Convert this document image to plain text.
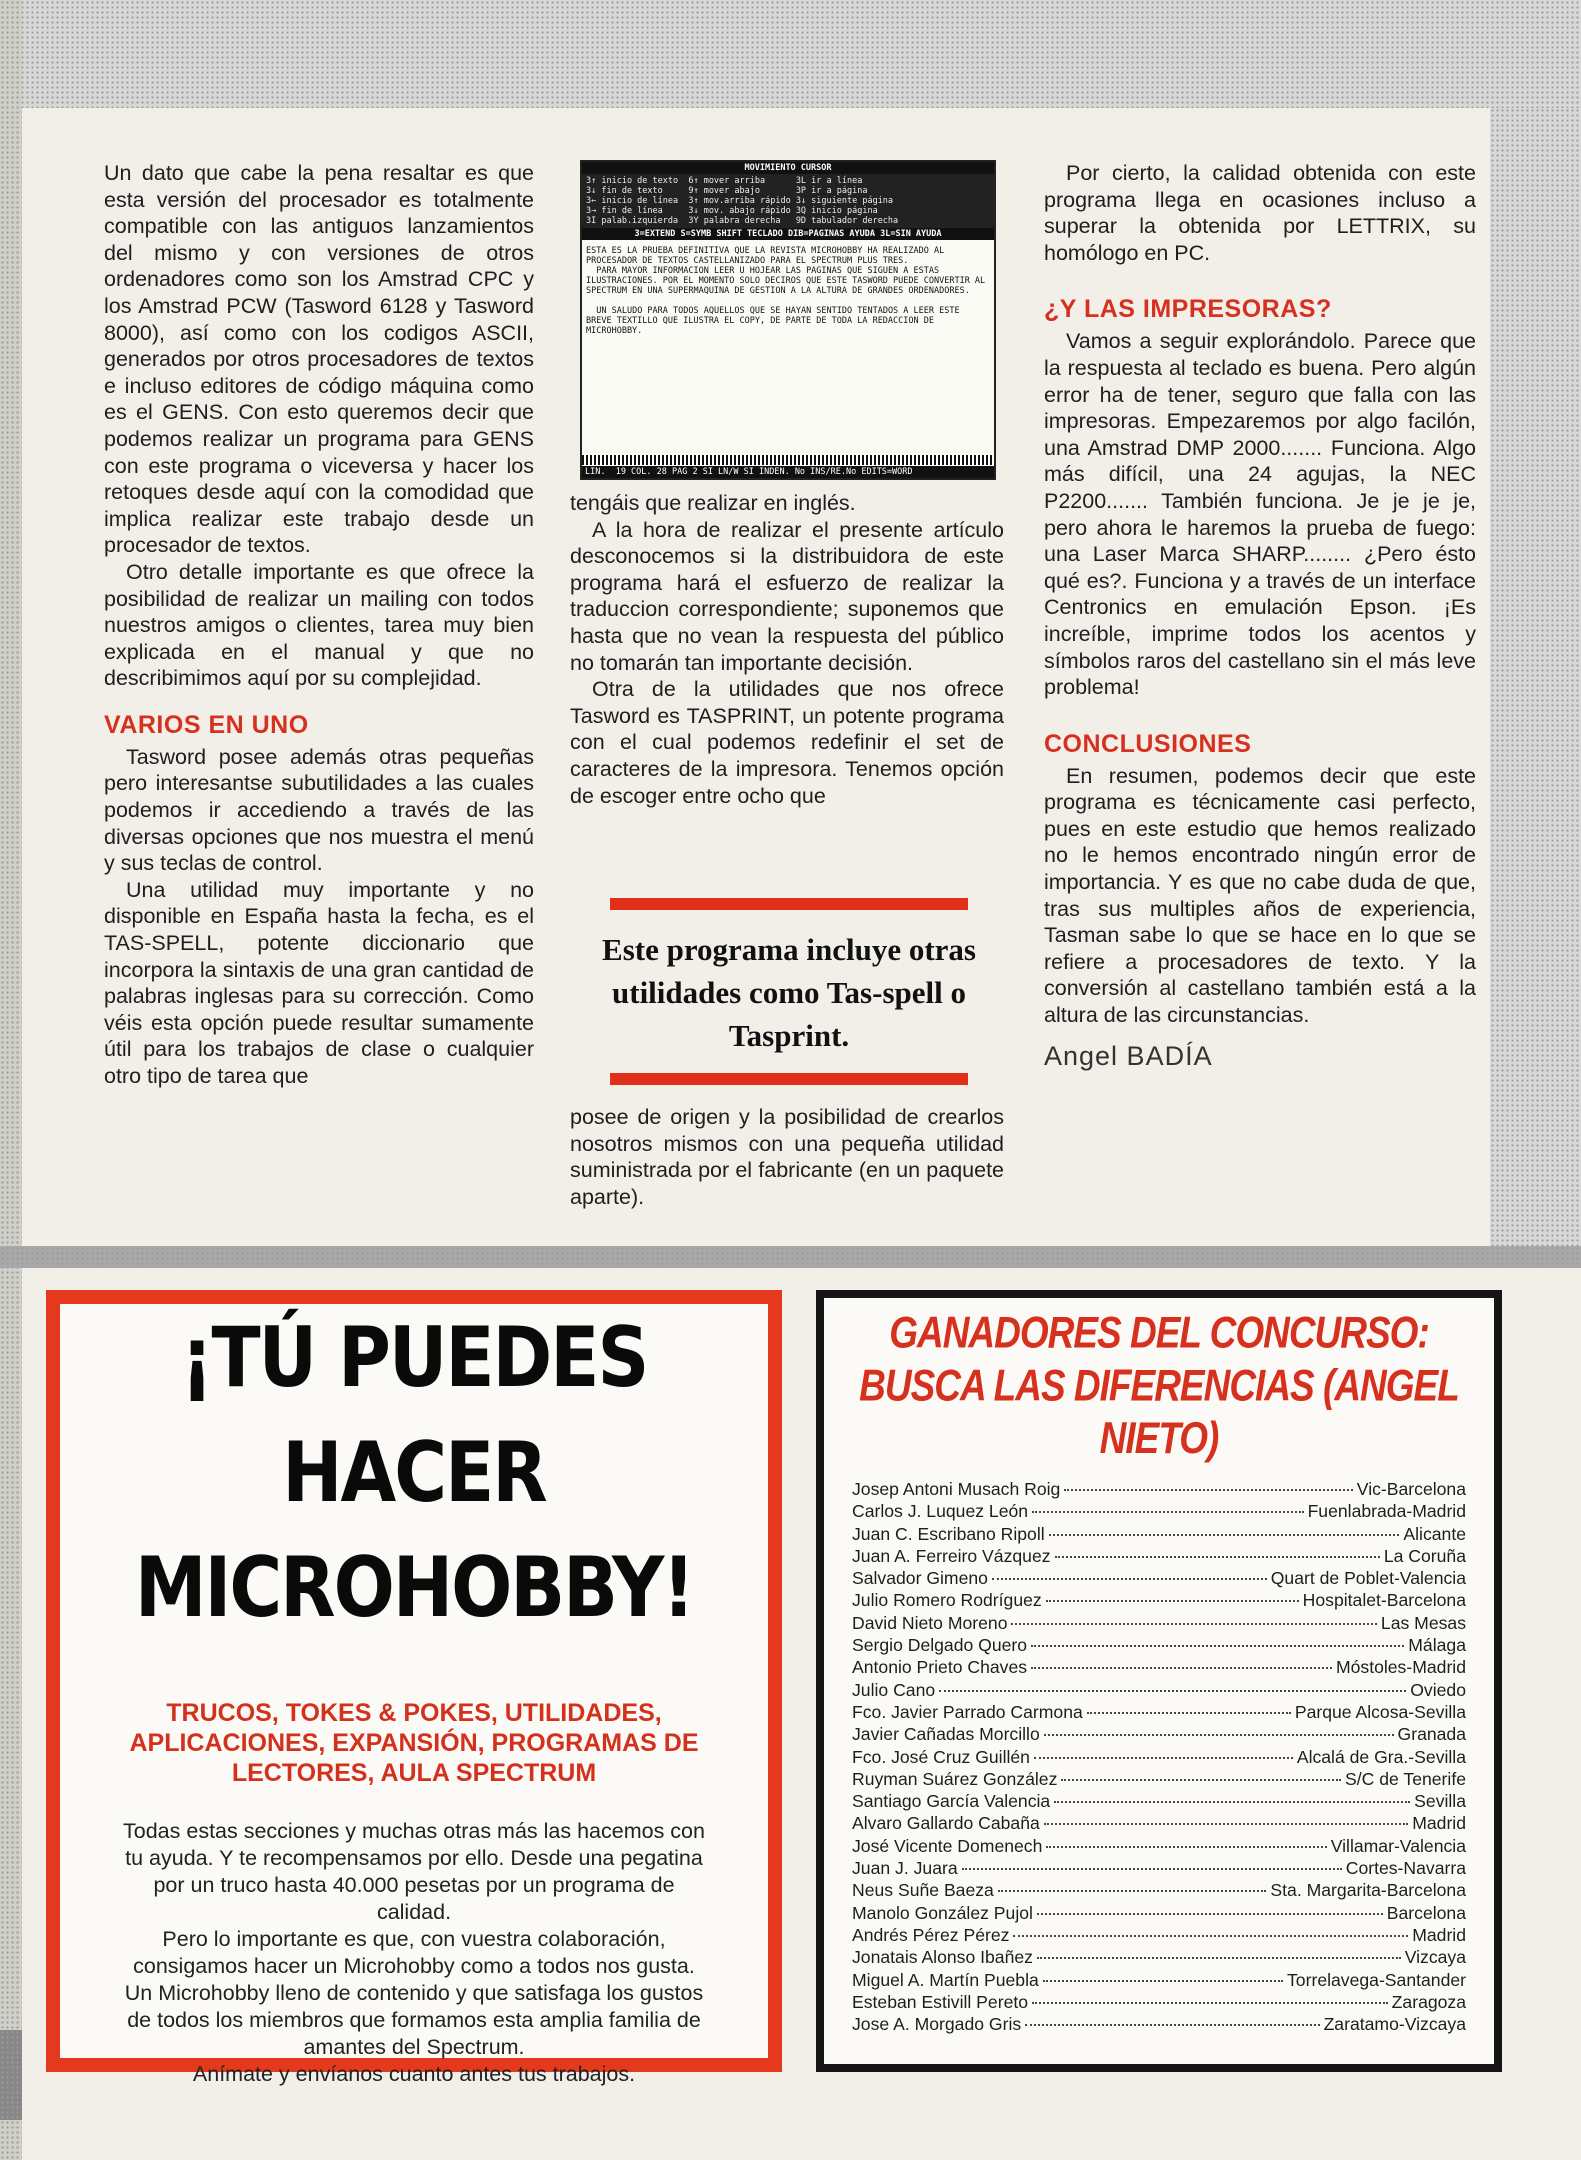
Un dato que cabe la pena resaltar es que esta versión del procesador es totalmente compatible con las antiguos lanzamientos del mismo y con versiones de otros ordenadores como son los Amstrad CPC y los Amstrad PCW (Tasword 6128 y Tasword 8000), así como con los codigos ASCII, generados por otros procesadores de textos e incluso editores de código máquina como es el GENS. Con esto queremos decir que podemos realizar un programa para GENS con este programa o viceversa y hacer los retoques desde aquí con la comodidad que implica realizar este trabajo desde un procesador de textos.

Otro detalle importante es que ofrece la posibilidad de realizar un mailing con todos nuestros amigos o clientes, tarea muy bien explicada en el manual y que no describimimos aquí por su complejidad.

VARIOS EN UNO

Tasword posee además otras pequeñas pero interesantse subutilidades a las cuales podemos ir accediendo a través de las diversas opciones que nos muestra el menú y sus teclas de control.

Una utilidad muy importante y no disponible en España hasta la fecha, es el TAS-SPELL, potente diccionario que incorpora la sintaxis de una gran cantidad de palabras inglesas para su corrección. Como véis esta opción puede resultar sumamente útil para los trabajos de clase o cualquier otro tipo de tarea que

MOVIMIENTO CURSOR
3↑ inicio de texto  6↑ mover arriba      3L ir a línea
3↓ fin de texto     9↑ mover abajo       3P ir a página
3← inicio de línea  3↑ mov.arriba rápido 3↓ siguiente página
3→ fin de línea     3↓ mov. abajo rápido 3Q inicio página
3I palab.izquierda  3Y palabra derecha   9D tabulador derecha
3=EXTEND S=SYMB SHIFT TECLADO DIB=PAGINAS AYUDA 3L=SIN AYUDA
ESTA ES LA PRUEBA DEFINITIVA QUE LA REVISTA MICROHOBBY HA REALIZADO AL PROCESADOR DE TEXTOS CASTELLANIZADO PARA EL SPECTRUM PLUS TRES.
PARA MAYOR INFORMACION LEER U HOJEAR LAS PAGINAS QUE SIGUEN A ESTAS ILUSTRACIONES. POR EL MOMENTO SOLO DECIROS QUE ESTE TASWORD PUEDE CONVERTIR AL SPECTRUM EN UNA SUPERMAQUINA DE GESTION A LA ALTURA DE GRANDES ORDENADORES.

UN SALUDO PARA TODOS AQUELLOS QUE SE HAYAN SENTIDO TENTADOS A LEER ESTE BREVE TEXTILLO QUE ILUSTRA EL COPY, DE PARTE DE TODA LA REDACCION DE MICROHOBBY.
LIN.  19 COL. 28 PAG 2 SI LN/W SI INDEN. No INS/RE.No EDITS=WORD

tengáis que realizar en inglés.

A la hora de realizar el presente artículo desconocemos si la distribuidora de este programa hará el esfuerzo de realizar la traduccion correspondiente; suponemos que hasta que no vean la respuesta del público no tomarán tan importante decisión.

Otra de la utilidades que nos ofrece Tasword es TASPRINT, un potente programa con el cual podemos redefinir el set de caracteres de la impresora. Tenemos opción de escoger entre ocho que

Este programa incluye otras utilidades como Tas-spell o Tasprint.

posee de origen y la posibilidad de crearlos nosotros mismos con una pequeña utilidad suministrada por el fabricante (en un paquete aparte).

Por cierto, la calidad obtenida con este programa llega en ocasiones incluso a superar la obtenida por LETTRIX, su homólogo en PC.

¿Y LAS IMPRESORAS?

Vamos a seguir explorándolo. Parece que la respuesta al teclado es buena. Pero algún error ha de tener, seguro que falla con las impresoras. Empezaremos por algo facilón, una Amstrad DMP 2000....... Funciona. Algo más difícil, una 24 agujas, la NEC P2200....... También funciona. Je je je je, pero ahora le haremos la prueba de fuego: una Laser Marca SHARP........ ¿Pero ésto qué es?. Funciona y a través de un interface Centronics en emulación Epson. ¡Es increíble, imprime todos los acentos y símbolos raros del castellano sin el más leve problema!

CONCLUSIONES

En resumen, podemos decir que este programa es técnicamente casi perfecto, pues en este estudio que hemos realizado no le hemos encontrado ningún error de importancia. Y es que no cabe duda de que, tras sus multiples años de experiencia, Tasman sabe lo que se hace en lo que se refiere a procesadores de texto. Y la conversión al castellano también está a la altura de las circunstancias.

Angel BADÍA
¡TÚ PUEDES HACER
MICROHOBBY!
TRUCOS, TOKES & POKES, UTILIDADES, APLICACIONES, EXPANSIÓN, PROGRAMAS DE LECTORES, AULA SPECTRUM
Todas estas secciones y muchas otras más las hacemos con tu ayuda. Y te recompensamos por ello. Desde una pegatina por un truco hasta 40.000 pesetas por un programa de calidad.
Pero lo importante es que, con vuestra colaboración, consigamos hacer un Microhobby como a todos nos gusta. Un Microhobby lleno de contenido y que satisfaga los gustos de todos los miembros que formamos esta amplia familia de amantes del Spectrum.
Anímate y envíanos cuanto antes tus trabajos.
GANADORES DEL CONCURSO:
BUSCA LAS DIFERENCIAS (ANGEL NIETO)
Josep Antoni Musach Roig	Vic-Barcelona
Carlos J. Luquez León	Fuenlabrada-Madrid
Juan C. Escribano Ripoll	Alicante
Juan A. Ferreiro Vázquez	La Coruña
Salvador Gimeno	Quart de Poblet-Valencia
Julio Romero Rodríguez	Hospitalet-Barcelona
David Nieto Moreno	Las Mesas
Sergio Delgado Quero	Málaga
Antonio Prieto Chaves	Móstoles-Madrid
Julio Cano	Oviedo
Fco. Javier Parrado Carmona	Parque Alcosa-Sevilla
Javier Cañadas Morcillo	Granada
Fco. José Cruz Guillén	Alcalá de Gra.-Sevilla
Ruyman Suárez González	S/C de Tenerife
Santiago García Valencia	Sevilla
Alvaro Gallardo Cabaña	Madrid
José Vicente Domenech	Villamar-Valencia
Juan J. Juara	Cortes-Navarra
Neus Suñe Baeza	Sta. Margarita-Barcelona
Manolo González Pujol	Barcelona
Andrés Pérez Pérez	Madrid
Jonatais Alonso Ibañez	Vizcaya
Miguel A. Martín Puebla	Torrelavega-Santander
Esteban Estivill Pereto	Zaragoza
Jose A. Morgado Gris	Zaratamo-Vizcaya
